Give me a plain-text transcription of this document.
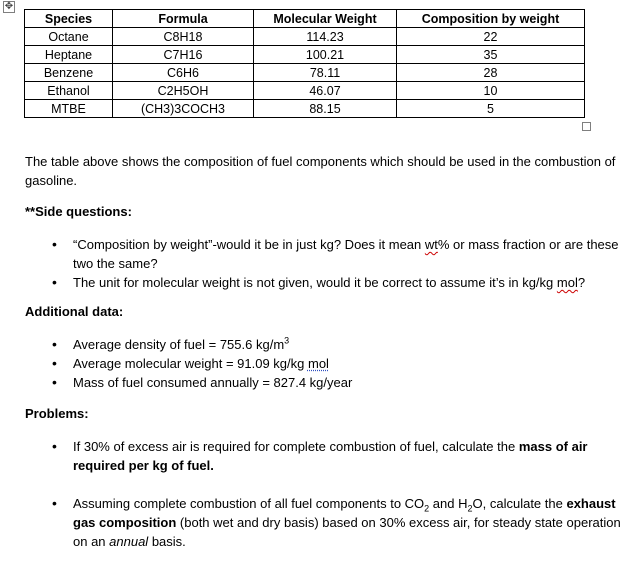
✥
Species	Formula	Molecular Weight	Composition by weight
Octane	C8H18	114.23	22
Heptane	C7H16	100.21	35
Benzene	C6H6	78.11	28
Ethanol	C2H5OH	46.07	10
MTBE	(CH3)3COCH3	88.15	5

The table above shows the composition of fuel components which should be used in the combustion of gasoline.

**Side questions:

• “Composition by weight”-would it be in just kg? Does it mean wt% or mass fraction or are these two the same?
• The unit for molecular weight is not given, would it be correct to assume it’s in kg/kg mol?

Additional data:

• Average density of fuel = 755.6 $kg/m^3$
• Average molecular weight = 91.09 kg/kg mol
• Mass of fuel consumed annually = 827.4 kg/year

Problems:

• If 30% of excess air is required for complete combustion of fuel, calculate the mass of air required per kg of fuel.
• Assuming complete combustion of all fuel components to $CO_2$ and $H_2O$, calculate the exhaust gas composition (both wet and dry basis) based on 30% excess air, for steady state operation on an annual basis.
